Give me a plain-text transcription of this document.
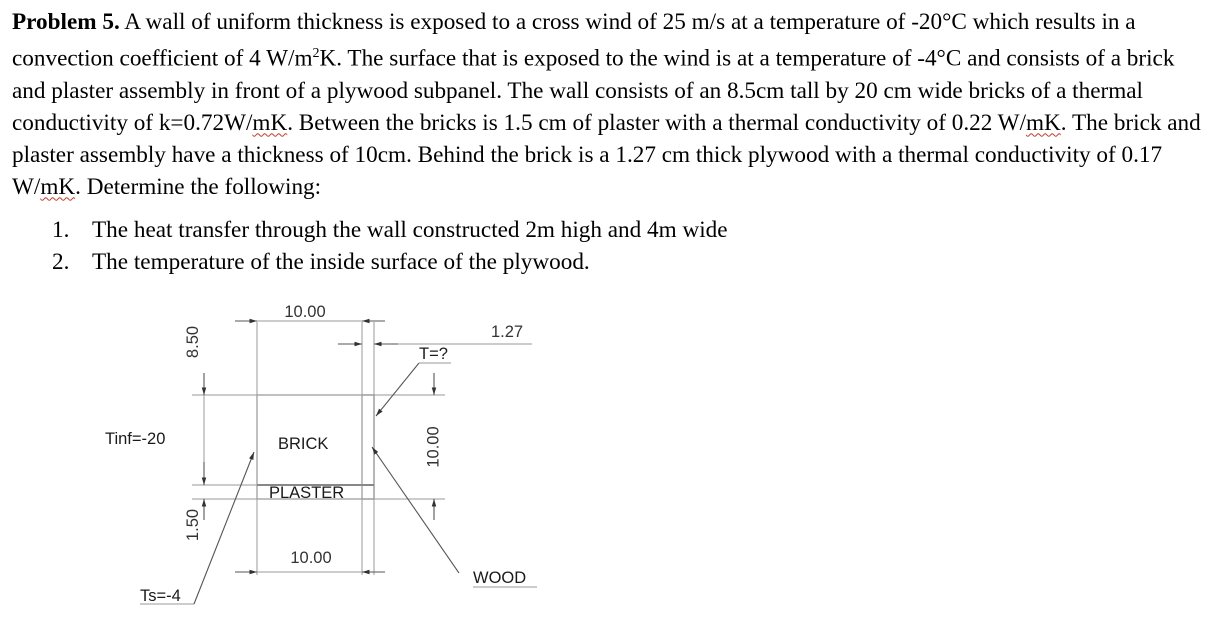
Problem 5. A wall of uniform thickness is exposed to a cross wind of 25 m/s at a temperature of -20°C which results in a convection coefficient of 4 $W/m^2K$. The surface that is exposed to the wind is at a temperature of -4°C and consists of a brick and plaster assembly in front of a plywood subpanel. The wall consists of an 8.5cm tall by 20 cm wide bricks of a thermal conductivity of k=0.72W/mK. Between the bricks is 1.5 cm of plaster with a thermal conductivity of 0.22 W/mK. The brick and plaster assembly have a thickness of 10cm. Behind the brick is a 1.27 cm thick plywood with a thermal conductivity of 0.17 W/mK. Determine the following:
1. The heat transfer through the wall constructed 2m high and 4m wide
2. The temperature of the inside surface of the plywood.
10.00
1.27
T=?
8.50
1.50
10.00
BRICK
PLASTER
Tinf=-20
10.00
WOOD
Ts=-4
